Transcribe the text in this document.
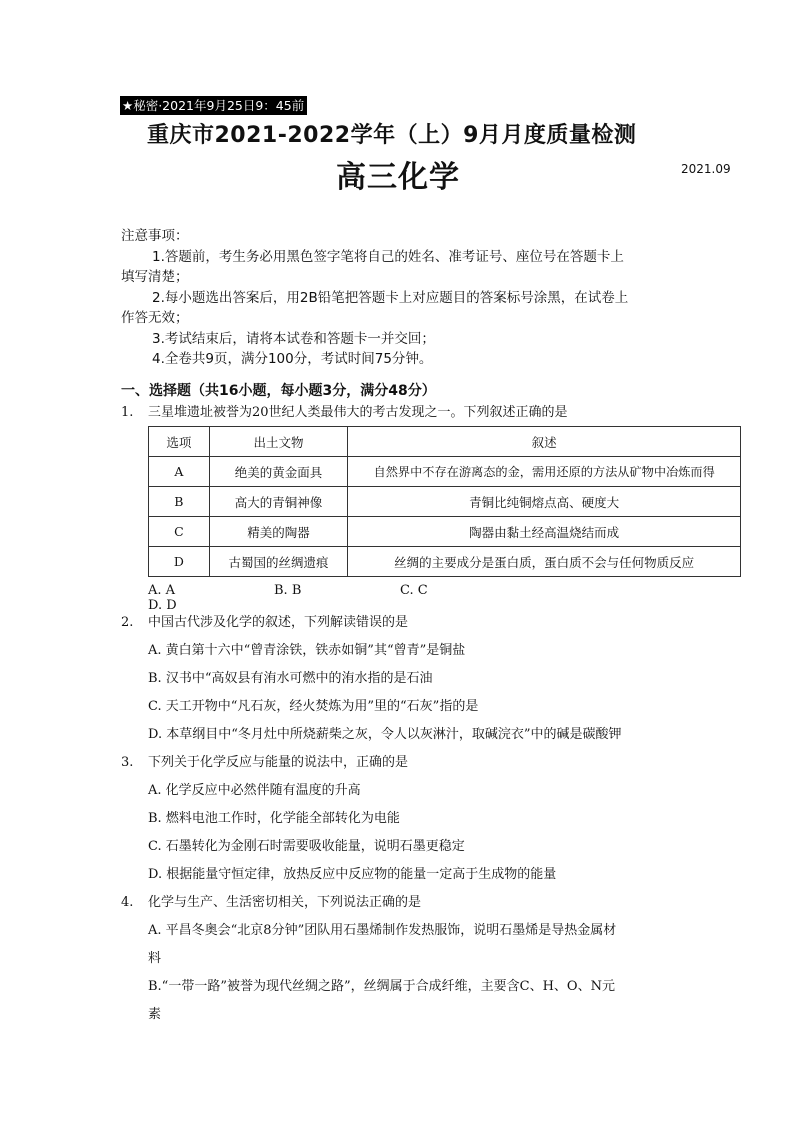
★秘密·2021年9月25日9：45前
重庆市2021-2022学年（上）9月月度质量检测
高三化学	2021.09

注意事项：

1.答题前，考生务必用黑色签字笔将自己的姓名、准考证号、座位号在答题卡上

填写清楚；

2.每小题选出答案后，用2B铅笔把答题卡上对应题目的答案标号涂黑，在试卷上

作答无效；

3.考试结束后，请将本试卷和答题卡一并交回；

4.全卷共9页，满分100分，考试时间75分钟。

一、选择题（共16小题，每小题3分，满分48分）
1. 三星堆遗址被誉为20世纪人类最伟大的考古发现之一。下列叙述正确的是
选项	出土文物	叙述
A	绝美的黄金面具	自然界中不存在游离态的金，需用还原的方法从矿物中冶炼而得
B	高大的青铜神像	青铜比纯铜熔点高、硬度大
C	精美的陶器	陶器由黏土经高温烧结而成
D	古蜀国的丝绸遗痕	丝绸的主要成分是蛋白质，蛋白质不会与任何物质反应
A. A	B. B	C. CD. D
2. 中国古代涉及化学的叙述，下列解读错误的是
A. 黄白第十六中“曾青涂铁，铁赤如铜”其“曾青”是铜盐
B. 汉书中“高奴县有洧水可燃中的洧水指的是石油
C. 天工开物中“凡石灰，经火焚炼为用”里的“石灰”指的是
D. 本草纲目中“冬月灶中所烧薪柴之灰，令人以灰淋汁，取碱浣衣”中的碱是碳酸钾
3. 下列关于化学反应与能量的说法中，正确的是
A. 化学反应中必然伴随有温度的升高
B. 燃料电池工作时，化学能全部转化为电能
C. 石墨转化为金刚石时需要吸收能量，说明石墨更稳定
D. 根据能量守恒定律，放热反应中反应物的能量一定高于生成物的能量
4. 化学与生产、生活密切相关，下列说法正确的是
A. 平昌冬奥会“北京8分钟”团队用石墨烯制作发热服饰，说明石墨烯是导热金属材
料
B.“一带一路”被誉为现代丝绸之路”，丝绸属于合成纤维，主要含C、H、O、N元
素
